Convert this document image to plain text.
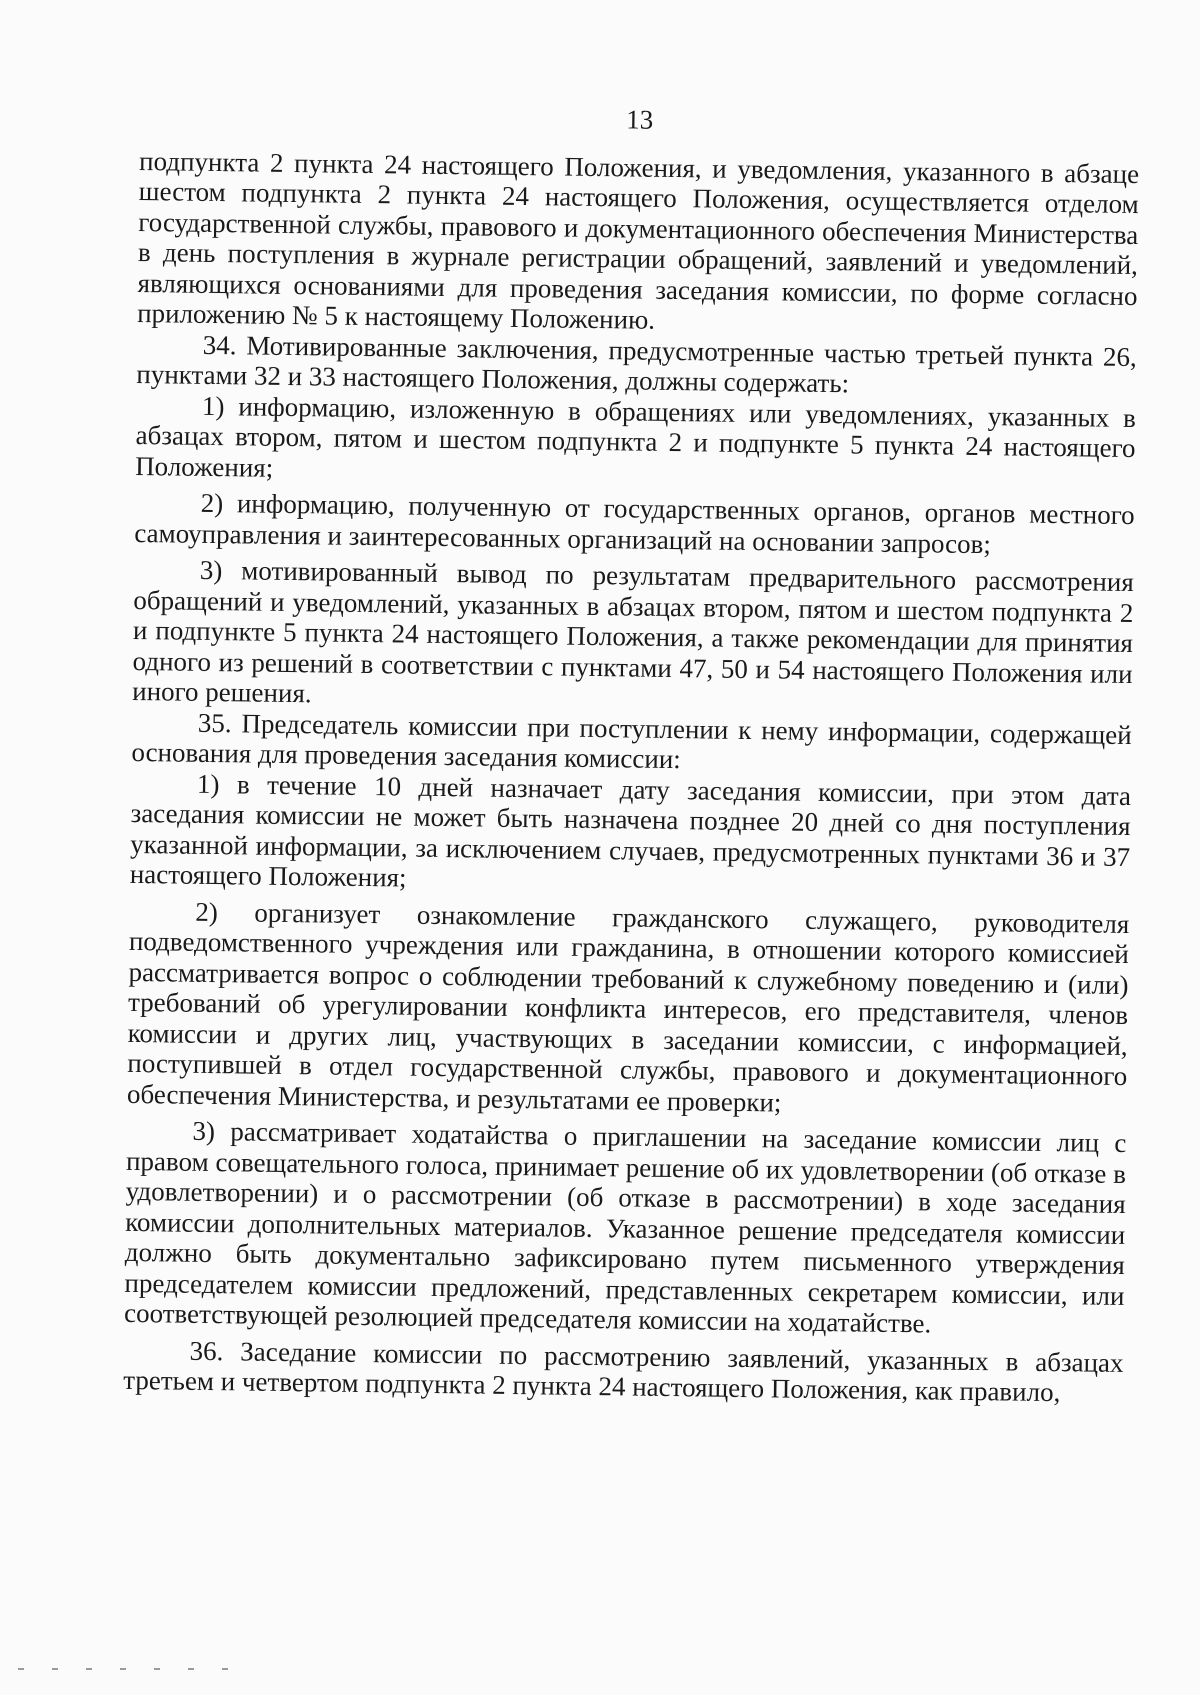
13

подпункта 2 пункта 24 настоящего Положения, и уведомления, указанного в абзаце шестом подпункта 2 пункта 24 настоящего Положения, осуществляется отделом государственной службы, правового и документационного обеспечения Министерства в день поступления в журнале регистрации обращений, заявлений и уведомлений, являющихся основаниями для проведения заседания комиссии, по форме согласно приложению № 5 к настоящему Положению.

34. Мотивированные заключения, предусмотренные частью третьей пункта 26, пунктами 32 и 33 настоящего Положения, должны содержать:

1) информацию, изложенную в обращениях или уведомлениях, указанных в абзацах втором, пятом и шестом подпункта 2 и подпункте 5 пункта 24 настоящего Положения;

2) информацию, полученную от государственных органов, органов местного самоуправления и заинтересованных организаций на основании запросов;

3) мотивированный вывод по результатам предварительного рассмотрения обращений и уведомлений, указанных в абзацах втором, пятом и шестом подпункта 2 и подпункте 5 пункта 24 настоящего Положения, а также рекомендации для принятия одного из решений в соответствии с пунктами 47, 50 и 54 настоящего Положения или иного решения.

35. Председатель комиссии при поступлении к нему информации, содержащей основания для проведения заседания комиссии:

1) в течение 10 дней назначает дату заседания комиссии, при этом дата заседания комиссии не может быть назначена позднее 20 дней со дня поступления указанной информации, за исключением случаев, предусмотренных пунктами 36 и 37 настоящего Положения;

2) организует ознакомление гражданского служащего, руководителя подведомственного учреждения или гражданина, в отношении которого комиссией рассматривается вопрос о соблюдении требований к служебному поведению и (или) требований об урегулировании конфликта интересов, его представителя, членов комиссии и других лиц, участвующих в заседании комиссии, с информацией, поступившей в отдел государственной службы, правового и документационного обеспечения Министерства, и результатами ее проверки;

3) рассматривает ходатайства о приглашении на заседание комиссии лиц с правом совещательного голоса, принимает решение об их удовлетворении (об отказе в удовлетворении) и о рассмотрении (об отказе в рассмотрении) в ходе заседания комиссии дополнительных материалов. Указанное решение председателя комиссии должно быть документально зафиксировано путем письменного утверждения председателем комиссии предложений, представленных секретарем комиссии, или соответствующей резолюцией председателя комиссии на ходатайстве.

36. Заседание комиссии по рассмотрению заявлений, указанных в абзацах третьем и четвертом подпункта 2 пункта 24 настоящего Положения, как правило,
